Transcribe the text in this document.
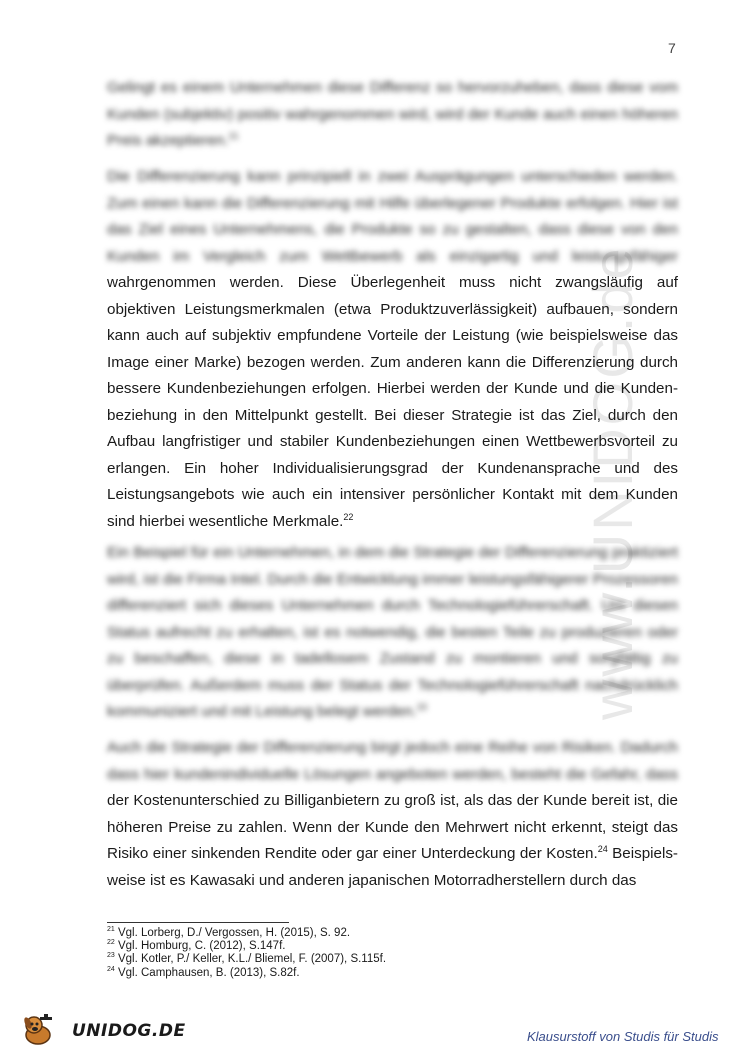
7
www.UNIDOG.de

Gelingt es einem Unternehmen diese Differenz so hervorzuheben, dass diese vom Kunden (subjektiv) positiv wahrgenommen wird, wird der Kunde auch einen höheren Preis akzeptieren.$^{21}$

Die Differenzierung kann prinzipiell in zwei Ausprägungen unterschieden werden. Zum einen kann die Differenzierung mit Hilfe überlegener Produkte erfolgen. Hier ist das Ziel eines Unternehmens, die Produkte so zu gestalten, dass diese von den Kunden im Vergleich zum Wettbewerb als einzigartig und leistungsfähiger wahrgenommen werden. Diese Überlegenheit muss nicht zwangsläufig auf objektiven Leistungsmerkmalen (etwa Produktzuverlässigkeit) aufbauen, sondern kann auch auf subjektiv empfundene Vorteile der Leistung (wie beispielsweise das Image einer Marke) bezogen werden. Zum anderen kann die Differenzierung durch bessere Kundenbeziehungen erfolgen. Hierbei werden der Kunde und die Kunden-beziehung in den Mittelpunkt gestellt. Bei dieser Strategie ist das Ziel, durch den Aufbau langfristiger und stabiler Kundenbeziehungen einen Wettbewerbsvorteil zu erlangen. Ein hoher Individualisierungsgrad der Kundenansprache und des Leistungsangebots wie auch ein intensiver persönlicher Kontakt mit dem Kunden sind hierbei wesentliche Merkmale.$^{22}$

Ein Beispiel für ein Unternehmen, in dem die Strategie der Differenzierung praktiziert wird, ist die Firma Intel. Durch die Entwicklung immer leistungsfähigerer Prozessoren differenziert sich dieses Unternehmen durch Technologieführerschaft. Um diesen Status aufrecht zu erhalten, ist es notwendig, die besten Teile zu produzieren oder zu beschaffen, diese in tadellosem Zustand zu montieren und sorgfältig zu überprüfen. Außerdem muss der Status der Technologieführerschaft nachdrücklich kommuniziert und mit Leistung belegt werden.$^{23}$

Auch die Strategie der Differenzierung birgt jedoch eine Reihe von Risiken. Dadurch dass hier kundenindividuelle Lösungen angeboten werden, besteht die Gefahr, dass der Kostenunterschied zu Billiganbietern zu groß ist, als das der Kunde bereit ist, die höheren Preise zu zahlen. Wenn der Kunde den Mehrwert nicht erkennt, steigt das Risiko einer sinkenden Rendite oder gar einer Unterdeckung der Kosten.$^{24}$ Beispiels-weise ist es Kawasaki und anderen japanischen Motorradherstellern durch das

$^{21}$ Vgl. Lorberg, D./ Vergossen, H. (2015), S. 92.
$^{22}$ Vgl. Homburg, C. (2012), S.147f.
$^{23}$ Vgl. Kotler, P./ Keller, K.L./ Bliemel, F. (2007), S.115f.
$^{24}$ Vgl. Camphausen, B. (2013), S.82f.
UNIDOG.DE	Klausurstoff von Studis für Studis
